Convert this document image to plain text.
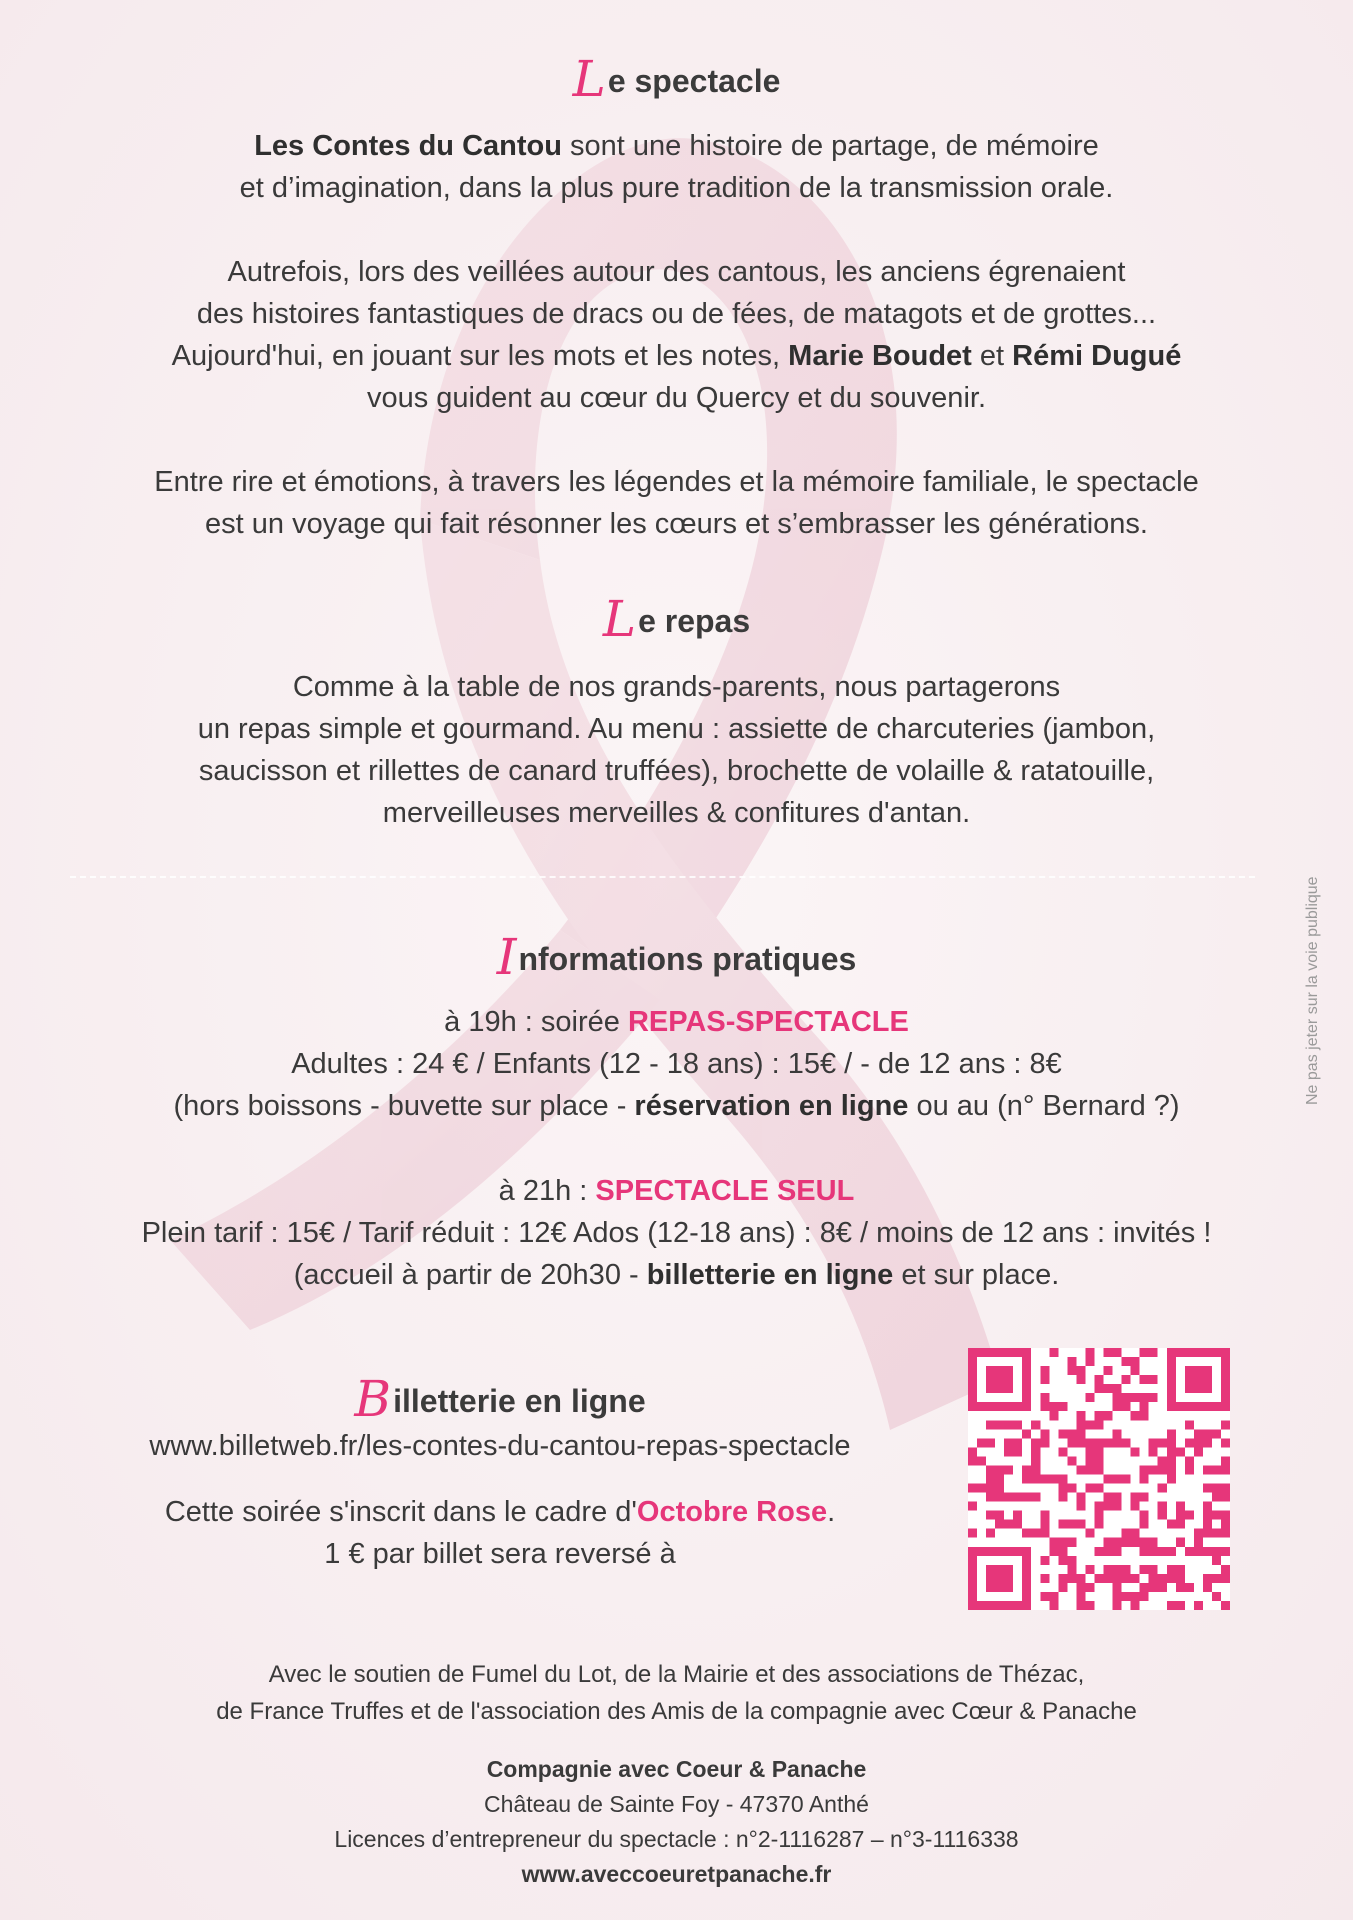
Le spectacle

Les Contes du Cantou sont une histoire de partage, de mémoire

et d’imagination, dans la plus pure tradition de la transmission orale.

Autrefois, lors des veillées autour des cantous, les anciens égrenaient

des histoires fantastiques de dracs ou de fées, de matagots et de grottes...

Aujourd'hui, en jouant sur les mots et les notes, Marie Boudet et Rémi Dugué

vous guident au cœur du Quercy et du souvenir.

Entre rire et émotions, à travers les légendes et la mémoire familiale, le spectacle

est un voyage qui fait résonner les cœurs et s’embrasser les générations.

Le repas

Comme à la table de nos grands-parents, nous partagerons

un repas simple et gourmand. Au menu : assiette de charcuteries (jambon,

saucisson et rillettes de canard truffées), brochette de volaille & ratatouille,

merveilleuses merveilles & confitures d'antan.

Ne pas jeter sur la voie publique
Informations pratiques

à 19h : soirée REPAS-SPECTACLE

Adultes : 24 € / Enfants (12 - 18 ans) : 15€ / - de 12 ans : 8€

(hors boissons - buvette sur place - réservation en ligne ou au (n° Bernard ?)

à 21h : SPECTACLE SEUL

Plein tarif : 15€ / Tarif réduit : 12€ Ados (12-18 ans) : 8€ / moins de 12 ans : invités !

(accueil à partir de 20h30 - billetterie en ligne et sur place.

Billetterie en ligne
www.billetweb.fr/les-contes-du-cantou-repas-spectacle
Cette soirée s'inscrit dans le cadre d'Octobre Rose.
1 € par billet sera reversé à
Avec le soutien de Fumel du Lot, de la Mairie et des associations de Thézac,
de France Truffes et de l'association des Amis de la compagnie avec Cœur & Panache
Compagnie avec Coeur & Panache
Château de Sainte Foy - 47370 Anthé
Licences d’entrepreneur du spectacle : n°2-1116287 – n°3-1116338
www.aveccoeuretpanache.fr
